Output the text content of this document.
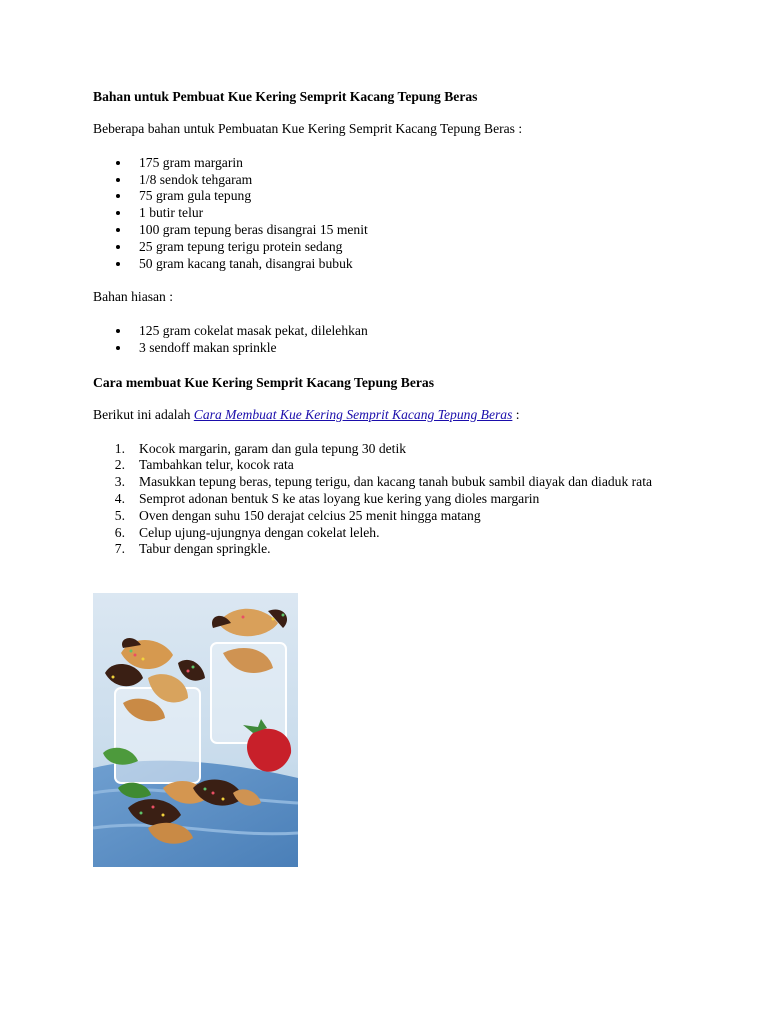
Bahan untuk Pembuat Kue Kering Semprit Kacang Tepung Beras

Beberapa bahan untuk Pembuatan Kue Kering Semprit Kacang Tepung Beras :

175 gram margarin
1/8 sendok tehgaram
75 gram gula tepung
1 butir telur
100 gram tepung beras disangrai 15 menit
25 gram tepung terigu protein sedang
50 gram kacang tanah, disangrai bubuk

Bahan hiasan :

125 gram cokelat masak pekat, dilelehkan
3 sendoff makan sprinkle
Cara membuat Kue Kering Semprit Kacang Tepung Beras

Berikut ini adalah Cara Membuat Kue Kering Semprit Kacang Tepung Beras :

1. Kocok margarin, garam dan gula tepung 30 detik
2. Tambahkan telur, kocok rata
3. Masukkan tepung beras, tepung terigu, dan kacang tanah bubuk sambil diayak dan diaduk rata
4. Semprot adonan bentuk S ke atas loyang kue kering yang dioles margarin
5. Oven dengan suhu 150 derajat celcius 25 menit hingga matang
6. Celup ujung-ujungnya dengan cokelat leleh.
7. Tabur dengan springkle.
